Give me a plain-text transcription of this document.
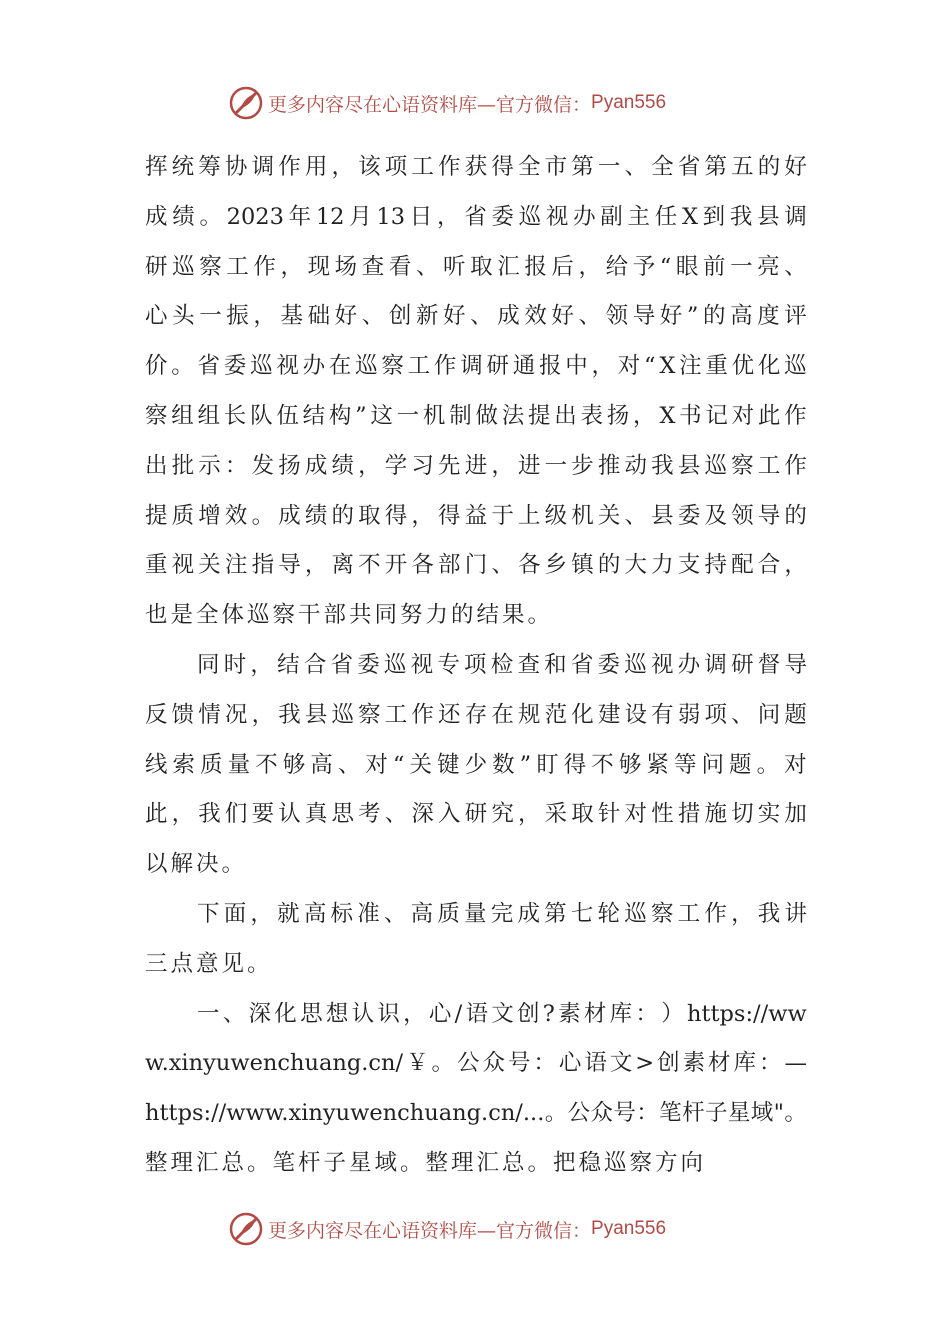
更多内容尽在心语资料库—官方微信： Pyan556
挥 统 筹 协 调 作 用 ， 该 项 工 作 获 得 全 市 第 一 、 全 省 第 五 的 好
成 绩 。 2023 年 12 月 13 日 ， 省 委 巡 视 办 副 主 任 X 到 我 县 调
研 巡 察 工 作 ， 现 场 查 看 、 听 取 汇 报 后 ， 给 予 “ 眼 前 一 亮 、
心 头 一 振 ， 基 础 好 、 创 新 好 、 成 效 好 、 领 导 好 ” 的 高 度 评
价 。 省 委 巡 视 办 在 巡 察 工 作 调 研 通 报 中 ， 对 “ X 注 重 优 化 巡
察 组 组 长 队 伍 结 构 ” 这 一 机 制 做 法 提 出 表 扬 ， X 书 记 对 此 作
出 批 示 ： 发 扬 成 绩 ， 学 习 先 进 ， 进 一 步 推 动 我 县 巡 察 工 作
提 质 增 效 。 成 绩 的 取 得 ， 得 益 于 上 级 机 关 、 县 委 及 领 导 的
重 视 关 注 指 导 ， 离 不 开 各 部 门 、 各 乡 镇 的 大 力 支 持 配 合 ，
也是全体巡察干部共同努力的结果。
同 时 ， 结 合 省 委 巡 视 专 项 检 查 和 省 委 巡 视 办 调 研 督 导
反 馈 情 况 ， 我 县 巡 察 工 作 还 存 在 规 范 化 建 设 有 弱 项 、 问 题
线 索 质 量 不 够 高 、 对 “ 关 键 少 数 ” 盯 得 不 够 紧 等 问 题 。 对
此 ， 我 们 要 认 真 思 考 、 深 入 研 究 ， 采 取 针 对 性 措 施 切 实 加
以解决。
下 面 ， 就 高 标 准 、 高 质 量 完 成 第 七 轮 巡 察 工 作 ， 我 讲
三点意见。
一 、 深 化 思 想 认 识 ， 心 / 语 文 创 ? 素 材 库 ： ） https://ww
w.xinyuwenchuang.cn/ ￥ 。 公 众 号 ： 心 语 文 > 创 素 材 库 ： —
https://www.xinyuwenchuang.cn/... 。 公 众 号 ： 笔 杆 子 星 域 " 。
整理汇总。笔杆子星域。整理汇总。把稳巡察方向
更多内容尽在心语资料库—官方微信： Pyan556
